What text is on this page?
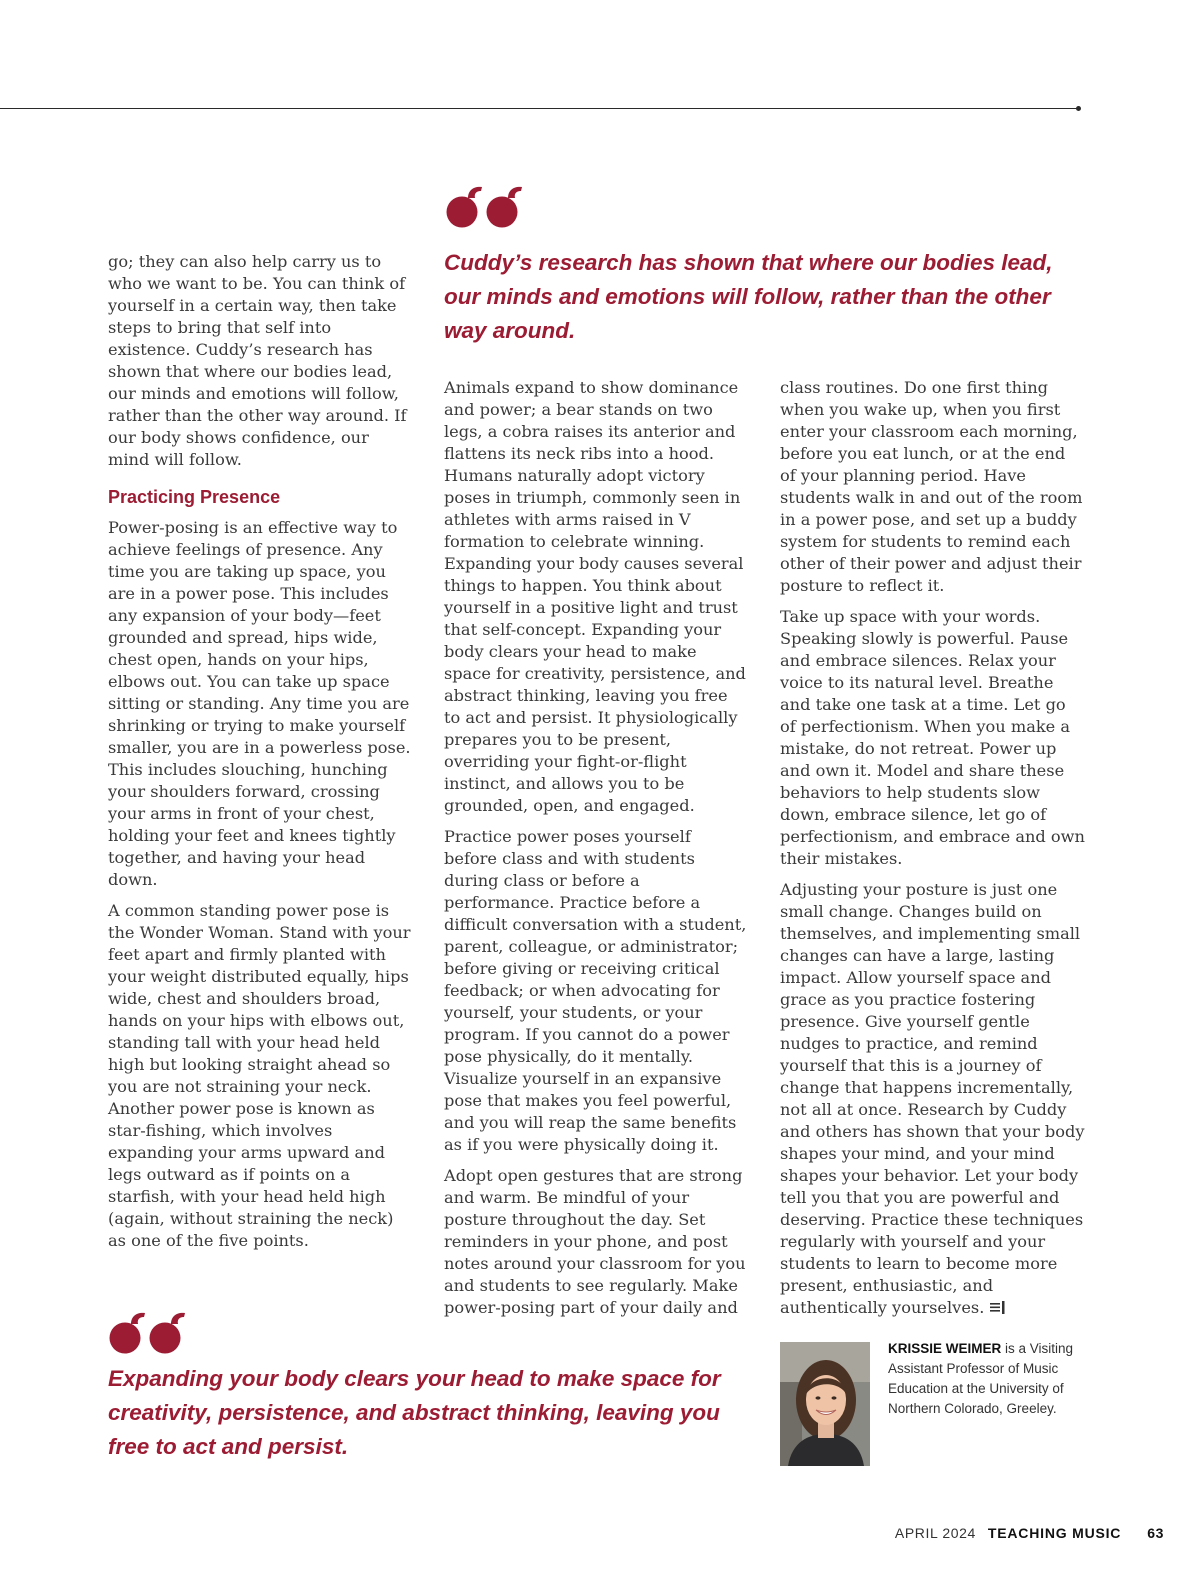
Cuddy’s research has shown that where our bodies lead, our minds and emotions will follow, rather than the other way around.

go; they can also help carry us to who we want to be. You can think of yourself in a certain way, then take steps to bring that self into existence. Cuddy’s research has shown that where our bodies lead, our minds and emotions will follow, rather than the other way around. If our body shows confidence, our mind will follow.

Practicing Presence

Power-posing is an effective way to achieve feelings of presence. Any time you are taking up space, you are in a power pose. This includes any expansion of your body—feet grounded and spread, hips wide, chest open, hands on your hips, elbows out. You can take up space sitting or standing. Any time you are shrinking or trying to make yourself smaller, you are in a powerless pose. This includes slouching, hunching your shoulders forward, crossing your arms in front of your chest, holding your feet and knees tightly together, and having your head down.

A common standing power pose is the Wonder Woman. Stand with your feet apart and firmly planted with your weight distributed equally, hips wide, chest and shoulders broad, hands on your hips with elbows out, standing tall with your head held high but looking straight ahead so you are not straining your neck. Another power pose is known as star-fishing, which involves expanding your arms upward and legs outward as if points on a starfish, with your head held high (again, without straining the neck) as one of the five points.

Animals expand to show dominance and power; a bear stands on two legs, a cobra raises its anterior and flattens its neck ribs into a hood. Humans naturally adopt victory poses in triumph, commonly seen in athletes with arms raised in V formation to celebrate winning. Expanding your body causes several things to happen. You think about yourself in a positive light and trust that self-concept. Expanding your body clears your head to make space for creativity, persistence, and abstract thinking, leaving you free to act and persist. It physiologically prepares you to be present, overriding your fight-or-flight instinct, and allows you to be grounded, open, and engaged.

Practice power poses yourself before class and with students during class or before a performance. Practice before a difficult conversation with a student, parent, colleague, or administrator; before giving or receiving critical feedback; or when advocating for yourself, your students, or your program. If you cannot do a power pose physically, do it mentally. Visualize yourself in an expansive pose that makes you feel powerful, and you will reap the same benefits as if you were physically doing it.

Adopt open gestures that are strong and warm. Be mindful of your posture throughout the day. Set reminders in your phone, and post notes around your classroom for you and students to see regularly. Make power-posing part of your daily and

class routines. Do one first thing when you wake up, when you first enter your classroom each morning, before you eat lunch, or at the end of your planning period. Have students walk in and out of the room in a power pose, and set up a buddy system for students to remind each other of their power and adjust their posture to reflect it.

Take up space with your words. Speaking slowly is powerful. Pause and embrace silences. Relax your voice to its natural level. Breathe and take one task at a time. Let go of perfectionism. When you make a mistake, do not retreat. Power up and own it. Model and share these behaviors to help students slow down, embrace silence, let go of perfectionism, and embrace and own their mistakes.

Adjusting your posture is just one small change. Changes build on themselves, and implementing small changes can have a large, lasting impact. Allow yourself space and grace as you practice fostering presence. Give yourself gentle nudges to practice, and remind yourself that this is a journey of change that happens incrementally, not all at once. Research by Cuddy and others has shown that your body shapes your mind, and your mind shapes your behavior. Let your body tell you that you are powerful and deserving. Practice these techniques regularly with yourself and your students to learn to become more present, enthusiastic, and authentically yourselves.

Expanding your body clears your head to make space for creativity, persistence, and abstract thinking, leaving you free to act and persist.

KRISSIE WEIMER is a Visiting Assistant Professor of Music Education at the University of Northern Colorado, Greeley.
APRIL 2024 TEACHING MUSIC 63
